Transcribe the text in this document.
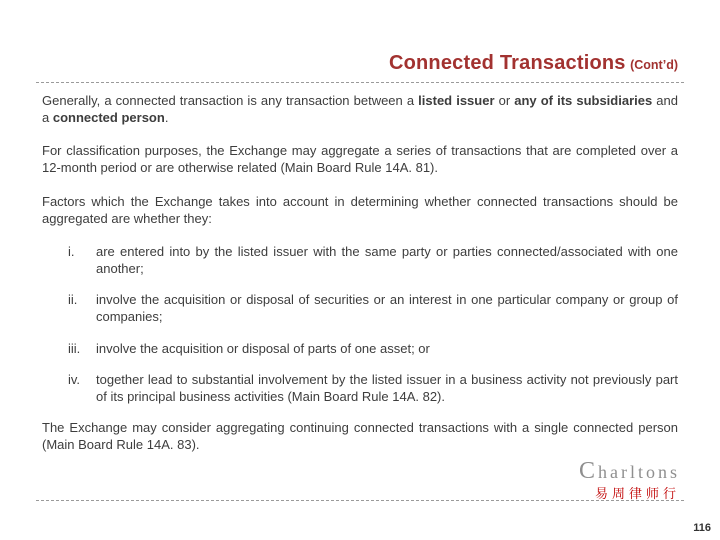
Connected Transactions (Cont’d)

Generally, a connected transaction is any transaction between a listed issuer or any of its subsidiaries and a connected person.

For classification purposes, the Exchange may aggregate a series of transactions that are completed over a 12-month period or are otherwise related (Main Board Rule 14A. 81).

Factors which the Exchange takes into account in determining whether connected transactions should be aggregated are whether they:

i.	are entered into by the listed issuer with the same party or parties connected/associated with one another;
ii.	involve the acquisition or disposal of securities or an interest in one particular company or group of companies;
iii.	involve the acquisition or disposal of parts of one asset; or
iv.	together lead to substantial involvement by the listed issuer in a business activity not previously part of its principal business activities (Main Board Rule 14A. 82).

The Exchange may consider aggregating continuing connected transactions with a single connected person (Main Board Rule 14A. 83).

Charltons
易周律师行
116
